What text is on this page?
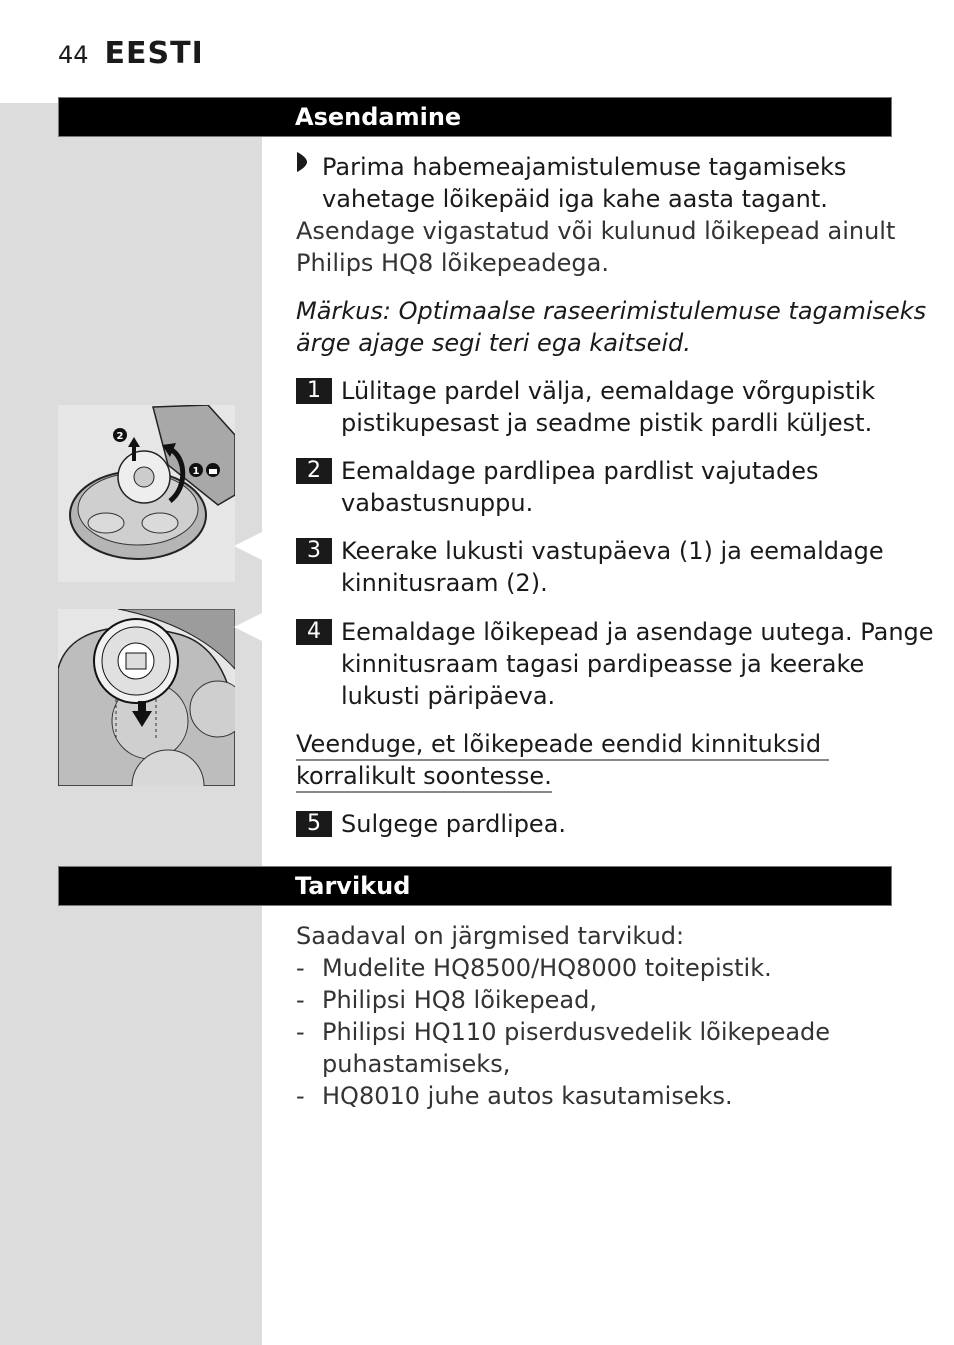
44 EESTI
Asendamine
Parima habemeajamistulemuse tagamiseks
vahetage lõikepäid iga kahe aasta tagant.
Asendage vigastatud või kulunud lõikepead ainult
Philips HQ8 lõikepeadega.
Märkus: Optimaalse raseerimistulemuse tagamiseks
ärge ajage segi teri ega kaitseid.
1 Lülitage pardel välja, eemaldage võrgupistik
pistikupesast ja seadme pistik pardli küljest.
2 Eemaldage pardlipea pardlist vajutades
vabastusnuppu.
3 Keerake lukusti vastupäeva (1) ja eemaldage
kinnitusraam (2).
4 Eemaldage lõikepead ja asendage uutega. Pange
kinnitusraam tagasi pardipeasse ja keerake
lukusti päripäeva.
Veenduge, et lõikepeade eendid kinnituksid
korralikult soontesse.
5 Sulgege pardlipea.
2
1
Tarvikud
Saadaval on järgmised tarvikud:
- Mudelite HQ8500/HQ8000 toitepistik.
- Philipsi HQ8 lõikepead,
- Philipsi HQ110 piserdusvedelik lõikepeade
puhastamiseks,
- HQ8010 juhe autos kasutamiseks.
